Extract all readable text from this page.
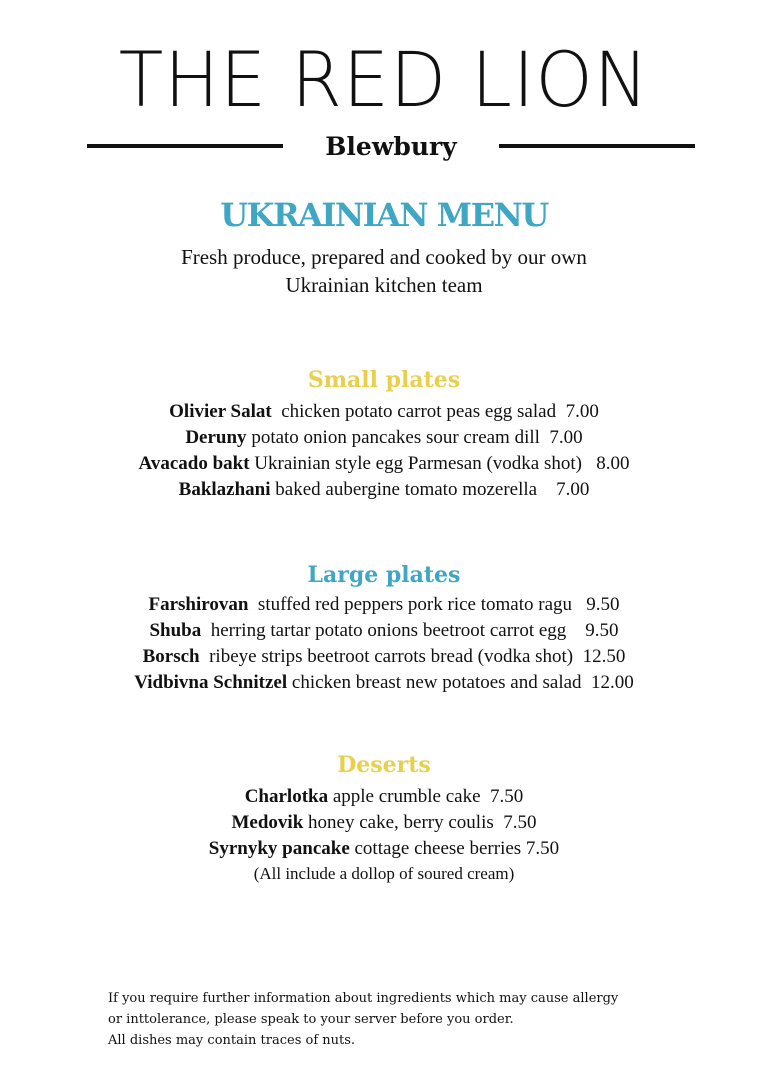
THE RED LION
Blewbury
UKRAINIAN MENU
Fresh produce, prepared and cooked by our own
Ukrainian kitchen team
Small plates
Olivier Salat  chicken potato carrot peas egg salad  7.00
Deruny potato onion pancakes sour cream dill  7.00
Avacado bakt Ukrainian style egg Parmesan (vodka shot)   8.00
Baklazhani baked aubergine tomato mozerella    7.00
Large plates
Farshirovan  stuffed red peppers pork rice tomato ragu   9.50
Shuba  herring tartar potato onions beetroot carrot egg    9.50
Borsch  ribeye strips beetroot carrots bread (vodka shot)  12.50
Vidbivna Schnitzel chicken breast new potatoes and salad  12.00
Deserts
Charlotka apple crumble cake  7.50
Medovik honey cake, berry coulis  7.50
Syrnyky pancake cottage cheese berries 7.50
(All include a dollop of soured cream)
If you require further information about ingredients which may cause allergy
or inttolerance, please speak to your server before you order.
All dishes may contain traces of nuts.
